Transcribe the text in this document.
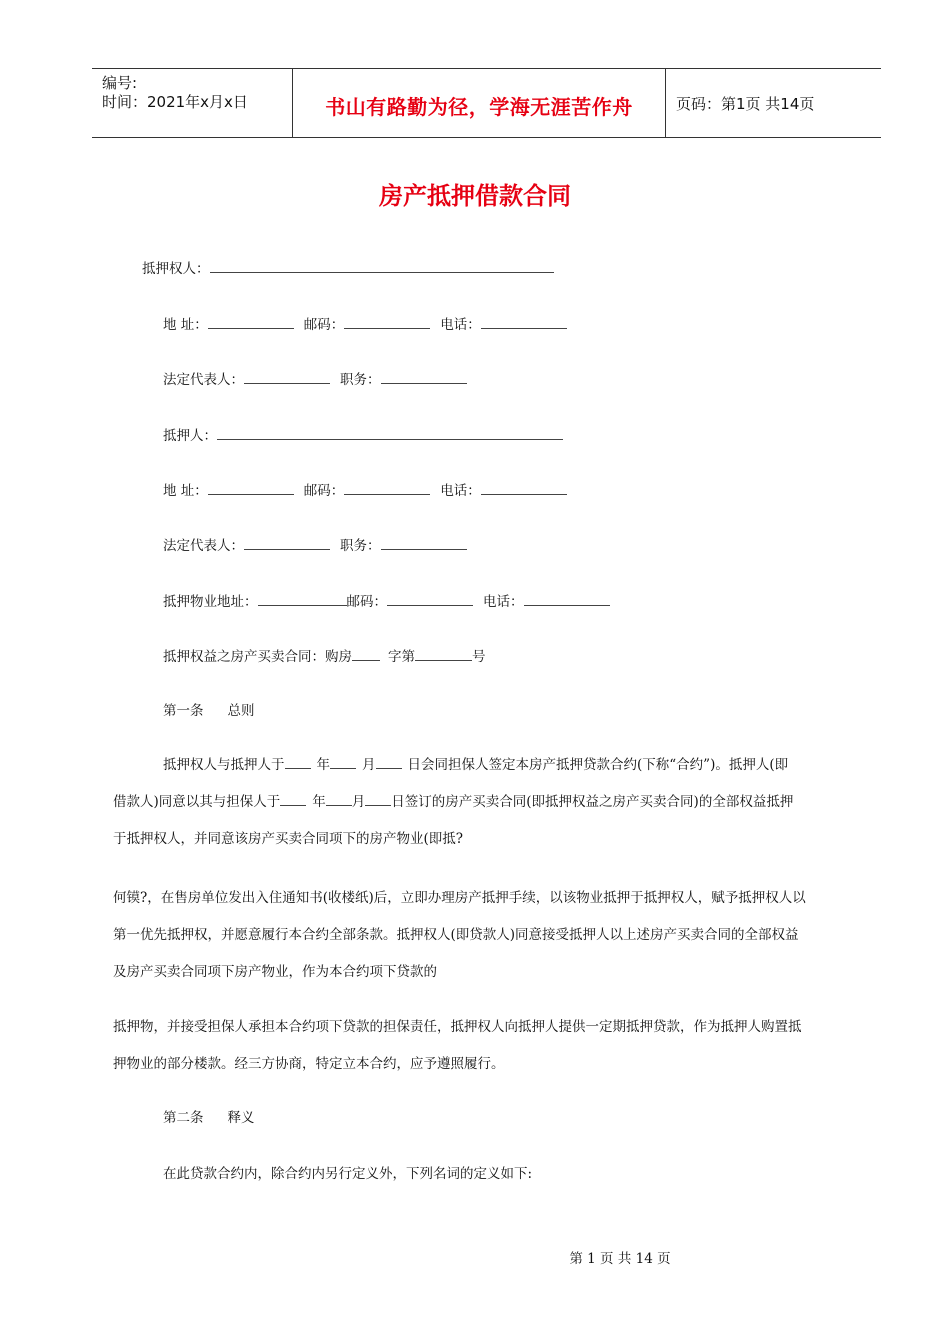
编号:
时间：2021年x月x日	书山有路勤为径，学海无涯苦作舟	页码：第1页 共14页
房产抵押借款合同
抵押权人：
地 址：	邮码：	电话：
法定代表人：	职务：
抵押人：
地 址：	邮码：	电话：
法定代表人：	职务：
抵押物业地址：	邮码：	电话：
抵押权益之房产买卖合同：购房	字第	号
第一条 总则
抵押权人与抵押人于 年 月 日会同担保人签定本房产抵押贷款合约(下称“合约”)。抵押人(即
借款人)同意以其与担保人于 年 月 日签订的房产买卖合同(即抵押权益之房产买卖合同)的全部权益抵押
于抵押权人，并同意该房产买卖合同项下的房产物业(即抵?
何镆?，在售房单位发出入住通知书(收楼纸)后，立即办理房产抵押手续，以该物业抵押于抵押权人，赋予抵押权人以
第一优先抵押权，并愿意履行本合约全部条款。抵押权人(即贷款人)同意接受抵押人以上述房产买卖合同的全部权益
及房产买卖合同项下房产物业，作为本合约项下贷款的
抵押物，并接受担保人承担本合约项下贷款的担保责任，抵押权人向抵押人提供一定期抵押贷款，作为抵押人购置抵
押物业的部分楼款。经三方协商，特定立本合约，应予遵照履行。
第二条 释义
在此贷款合约内，除合约内另行定义外，下列名词的定义如下:
第 1 页 共 14 页
